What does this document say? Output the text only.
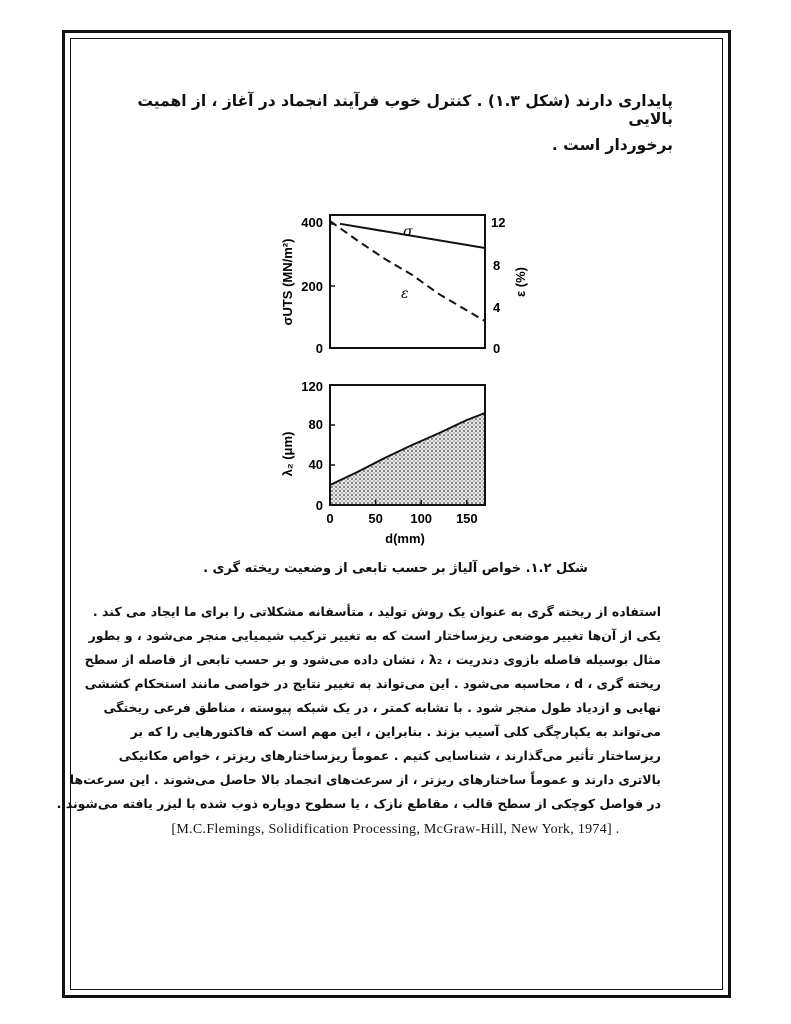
پایداری دارند (شکل ۱.۳) . کنترل خوب فرآیند انجماد در آغاز ، از اهمیت بالایی
برخوردار است .
400
200
0
σUTS (MN/m²)
12
8
4
0
ε (%)
σ
ε
120
80
40
0
λ₂ (μm)
0	50 100 150
d(mm)
شکل ۱.۲. خواص آلیاژ بر حسب تابعی از وضعیت ریخته گری .
استفاده از ریخته گری به عنوان یک روش تولید ، متأسفانه مشکلاتی را برای ما ایجاد می کند .
یکی از آن‌ها تغییر موضعی ریزساختار است که به تغییر ترکیب شیمیایی منجر می‌شود ، و بطور
مثال بوسیله فاصله بازوی دندریت ، λ₂ ، نشان داده می‌شود و بر حسب تابعی از فاصله از سطح
ریخته گری ، d ، محاسبه می‌شود . این می‌تواند به تغییر نتایج در خواصی مانند استحکام کششی
نهایی و ازدیاد طول منجر شود . با تشابه کمتر ، در یک شبکه پیوسته ، مناطق فرعی ریختگی
می‌تواند به یکپارچگی کلی آسیب بزند . بنابراین ، این مهم است که فاکتورهایی را که بر
ریزساختار تأثیر می‌گذارند ، شناسایی کنیم . عموماً ریزساختارهای ریزتر ، خواص مکانیکی
بالاتری دارند و عموماً ساختارهای ریزتر ، از سرعت‌های انجماد بالا حاصل می‌شوند . این سرعت‌ها
در فواصل کوچکی از سطح قالب ، مقاطع نازک ، یا سطوح دوباره ذوب شده با لیزر یافته می‌شوند .
[M.C.Flemings, Solidification Processing, McGraw-Hill, New York, 1974] .
